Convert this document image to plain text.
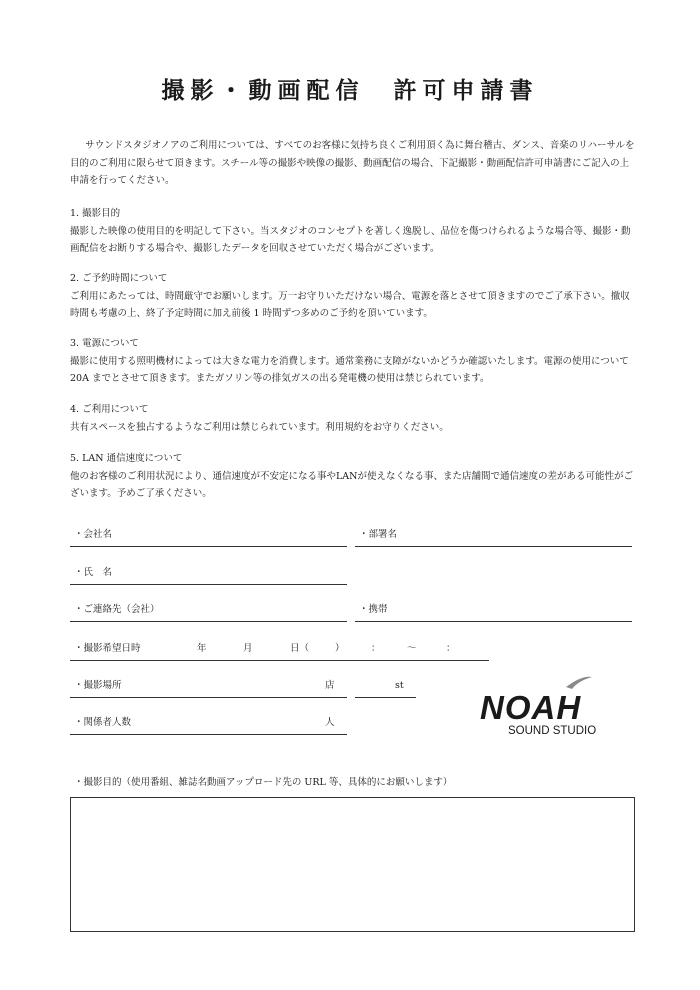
撮影・動画配信　許可申請書

サウンドスタジオノアのご利用については、すべてのお客様に気持ち良くご利用頂く為に舞台稽古、ダンス、音楽のリハーサルを目的のご利用に限らせて頂きます。スチール等の撮影や映像の撮影、動画配信の場合、下記撮影・動画配信許可申請書にご記入の上申請を行ってください。

1. 撮影目的
撮影した映像の使用目的を明記して下さい。当スタジオのコンセプトを著しく逸脱し、品位を傷つけられるような場合等、撮影・動画配信をお断りする場合や、撮影したデータを回収させていただく場合がございます。
2. ご予約時間について
ご利用にあたっては、時間厳守でお願いします。万一お守りいただけない場合、電源を落とさせて頂きますのでご了承下さい。撤収時間も考慮の上、終了予定時間に加え前後 1 時間ずつ多めのご予約を頂いています。
3. 電源について
撮影に使用する照明機材によっては大きな電力を消費します。通常業務に支障がないかどうか確認いたします。電源の使用について 20A までとさせて頂きます。またガソリン等の排気ガスの出る発電機の使用は禁じられています。
4. ご利用について
共有スペースを独占するようなご利用は禁じられています。利用規約をお守りください。
5. LAN 通信速度について
他のお客様のご利用状況により、通信速度が不安定になる事やLANが使えなくなる事、また店舗間で通信速度の差がある可能性がございます。予めご了承ください。
・会社名	・部署名
・氏　名
・ご連絡先（会社）	・携帯
・撮影希望日時	年	月	日（	）	：	〜	：
・撮影場所	店	st
・関係者人数	人	NOAH
SOUND STUDIO
・撮影目的（使用番組、雑誌名動画アップロード先の URL 等、具体的にお願いします）
